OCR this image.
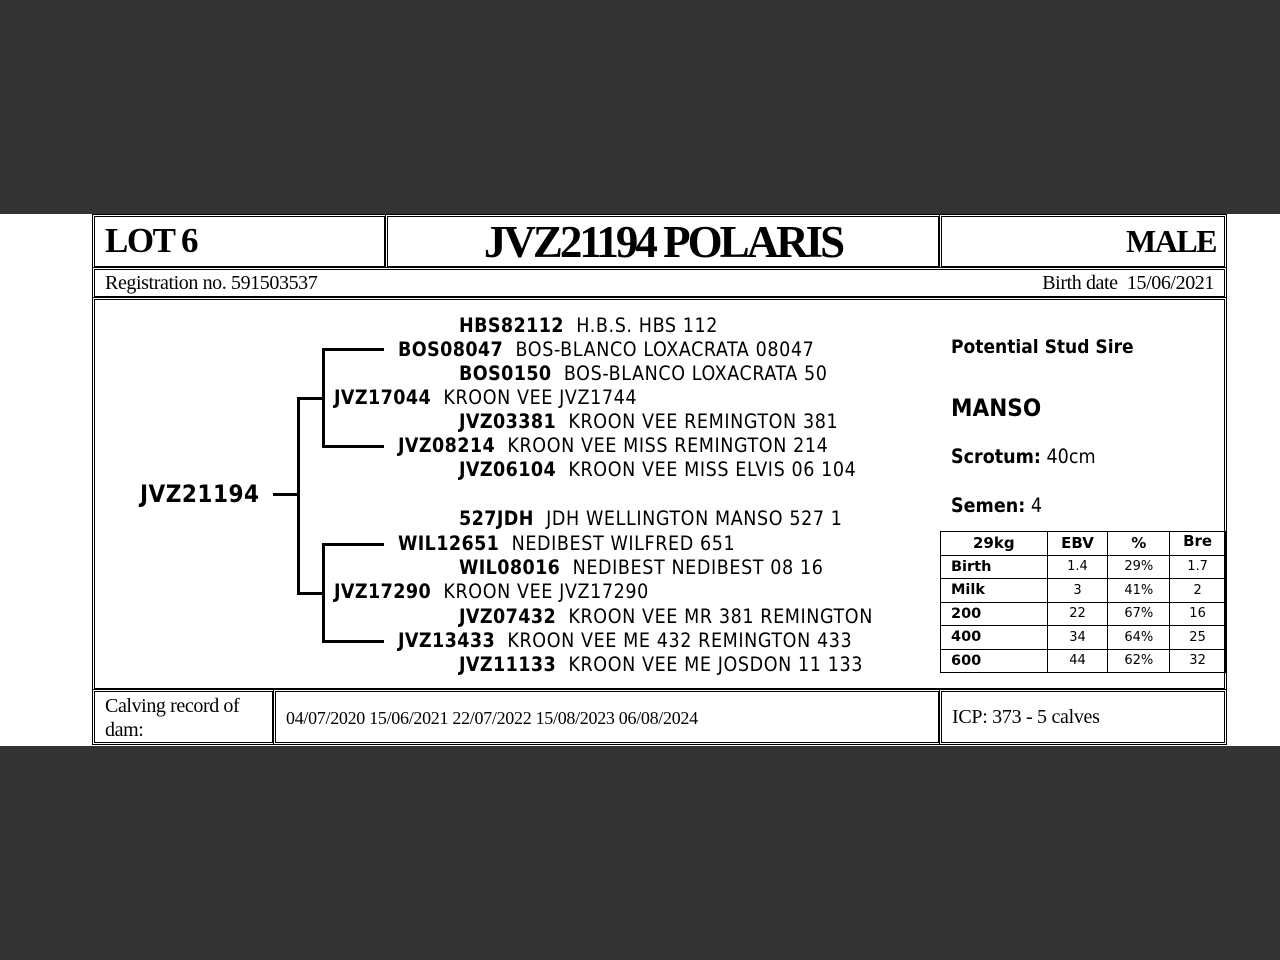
LOT 6	JVZ21194 POLARIS	MALE
Registration no. 591503537	Birth date 15/06/2021
JVZ21194
HBS82112 H.B.S. HBS 112
BOS08047 BOS-BLANCO LOXACRATA 08047
BOS0150 BOS-BLANCO LOXACRATA 50
JVZ17044 KROON VEE JVZ1744
JVZ03381 KROON VEE REMINGTON 381
JVZ08214 KROON VEE MISS REMINGTON 214
JVZ06104 KROON VEE MISS ELVIS 06 104
527JDH JDH WELLINGTON MANSO 527 1
WIL12651 NEDIBEST WILFRED 651
WIL08016 NEDIBEST NEDIBEST 08 16
JVZ17290 KROON VEE JVZ17290
JVZ07432 KROON VEE MR 381 REMINGTON
JVZ13433 KROON VEE ME 432 REMINGTON 433
JVZ11133 KROON VEE ME JOSDON 11 133
Potential Stud Sire
MANSO
Scrotum: 40cm
Semen: 4
29kg	EBV	%	Bre
Birth	1.4	29%	1.7
Milk	3	41%	2
200	22	67%	16
400	34	64%	25
600	44	62%	32
Calving record of dam:
04/07/2020 15/06/2021 22/07/2022 15/08/2023 06/08/2024	ICP: 373 - 5 calves
